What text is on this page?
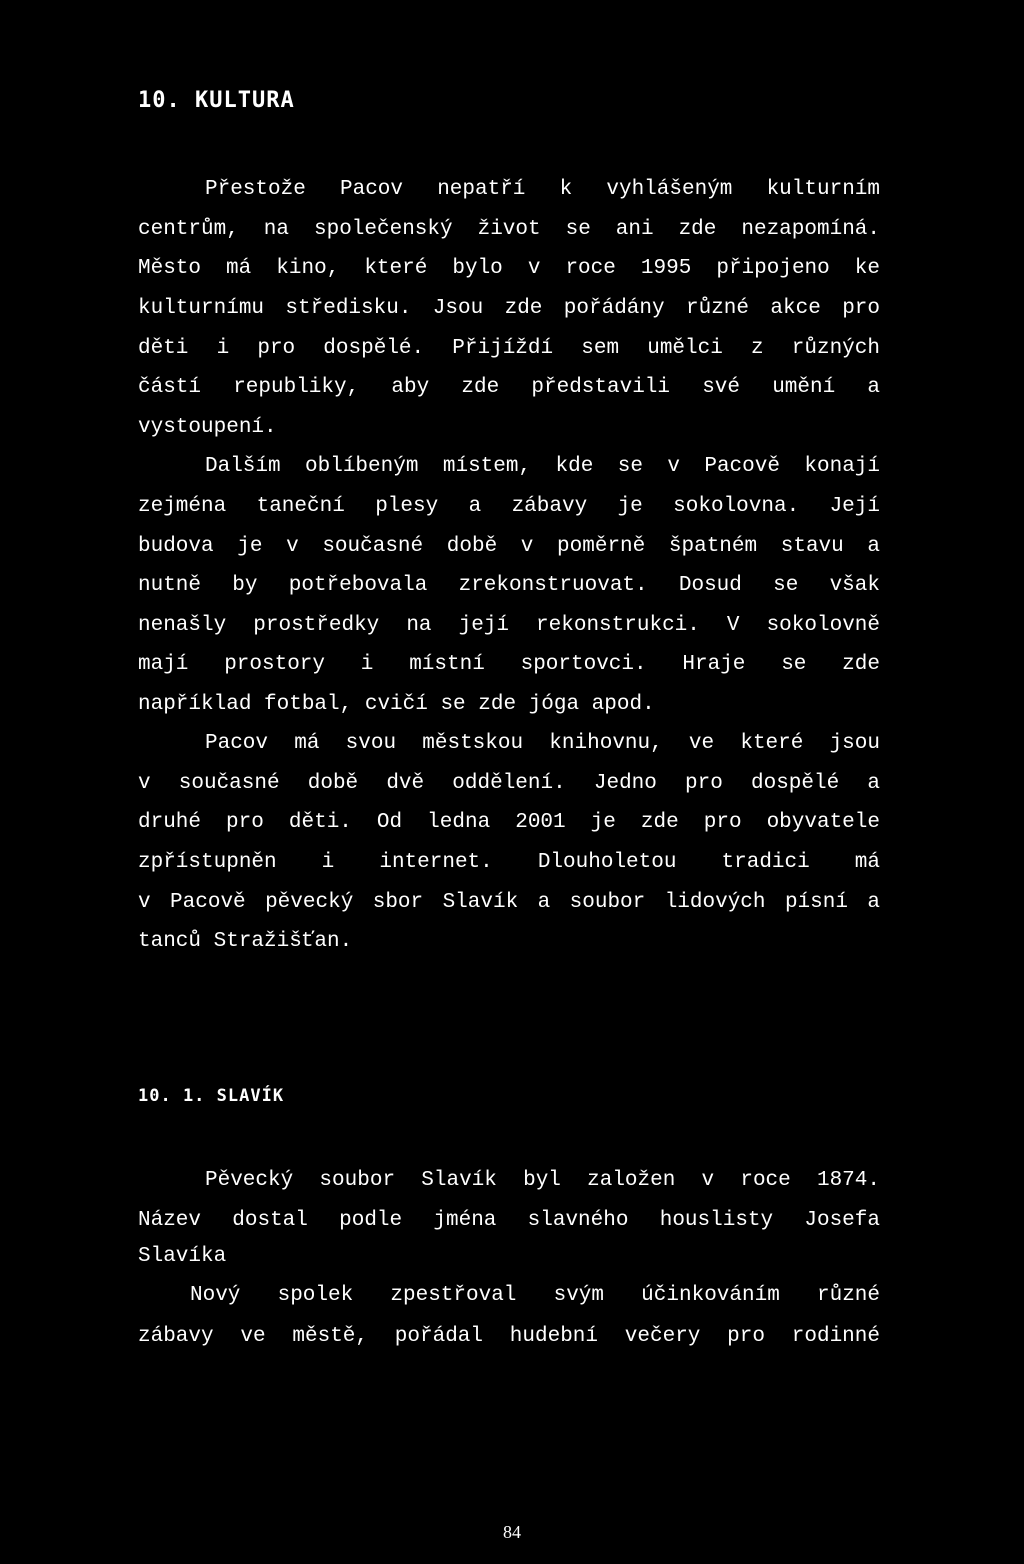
10. KULTURA
Přestože Pacov nepatří k vyhlášeným kulturním
centrům, na společenský život se ani zde nezapomíná.
Město má kino, které bylo v roce 1995 připojeno ke
kulturnímu středisku. Jsou zde pořádány různé akce pro
děti i pro dospělé. Přijíždí sem umělci z různých
částí republiky, aby zde představili své umění a
vystoupení.
Dalším oblíbeným místem, kde se v Pacově konají
zejména taneční plesy a zábavy je sokolovna. Její
budova je v současné době v poměrně špatném stavu a
nutně by potřebovala zrekonstruovat. Dosud se však
nenašly prostředky na její rekonstrukci. V sokolovně
mají prostory i místní sportovci. Hraje se zde
například fotbal, cvičí se zde jóga apod.
Pacov má svou městskou knihovnu, ve které jsou
v současné době dvě oddělení. Jedno pro dospělé a
druhé pro děti. Od ledna 2001 je zde pro obyvatele
zpřístupněn i internet. Dlouholetou tradici má
v Pacově pěvecký sbor Slavík a soubor lidových písní a
tanců Stražišťan.
10. 1. SLAVÍK
Pěvecký soubor Slavík byl založen v roce 1874.
Název dostal podle jména slavného houslisty Josefa
Slavíka
Nový spolek zpestřoval svým účinkováním různé
zábavy ve městě, pořádal hudební večery pro rodinné
84
